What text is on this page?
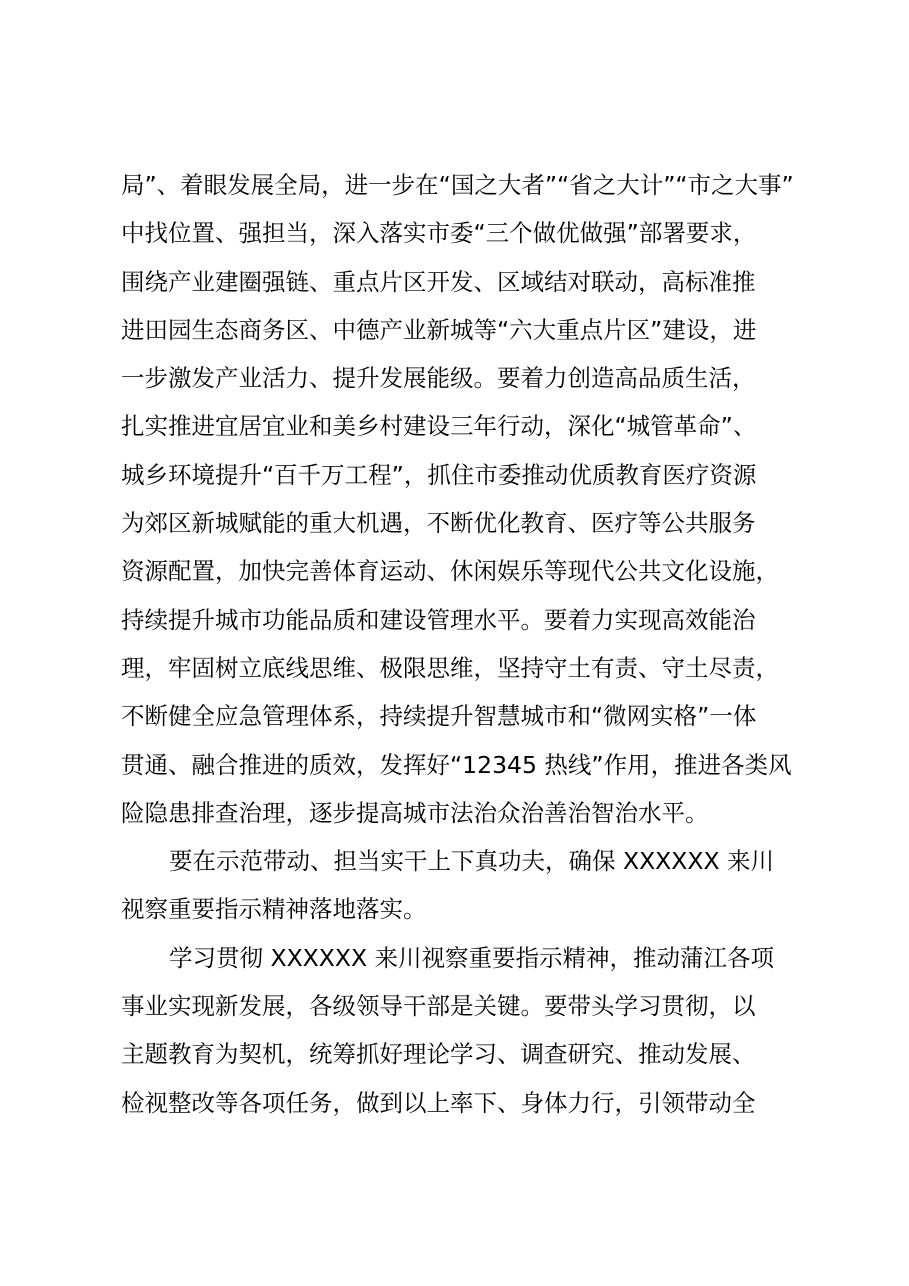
局”、着眼发展全局，进一步在“国之大者”“省之大计”“市之大事”
中找位置、强担当，深入落实市委“三个做优做强”部署要求，
围绕产业建圈强链、重点片区开发、区域结对联动，高标准推
进田园生态商务区、中德产业新城等“六大重点片区”建设，进
一步激发产业活力、提升发展能级。要着力创造高品质生活，
扎实推进宜居宜业和美乡村建设三年行动，深化“城管革命”、
城乡环境提升“百千万工程”，抓住市委推动优质教育医疗资源
为郊区新城赋能的重大机遇，不断优化教育、医疗等公共服务
资源配置，加快完善体育运动、休闲娱乐等现代公共文化设施，
持续提升城市功能品质和建设管理水平。要着力实现高效能治
理，牢固树立底线思维、极限思维，坚持守土有责、守土尽责，
不断健全应急管理体系，持续提升智慧城市和“微网实格”一体
贯通、融合推进的质效，发挥好“12345 热线”作用，推进各类风
险隐患排查治理，逐步提高城市法治众治善治智治水平。
要在示范带动、担当实干上下真功夫，确保 XXXXXX 来川
视察重要指示精神落地落实。
学习贯彻 XXXXXX 来川视察重要指示精神，推动蒲江各项
事业实现新发展，各级领导干部是关键。要带头学习贯彻，以
主题教育为契机，统筹抓好理论学习、调查研究、推动发展、
检视整改等各项任务，做到以上率下、身体力行，引领带动全
